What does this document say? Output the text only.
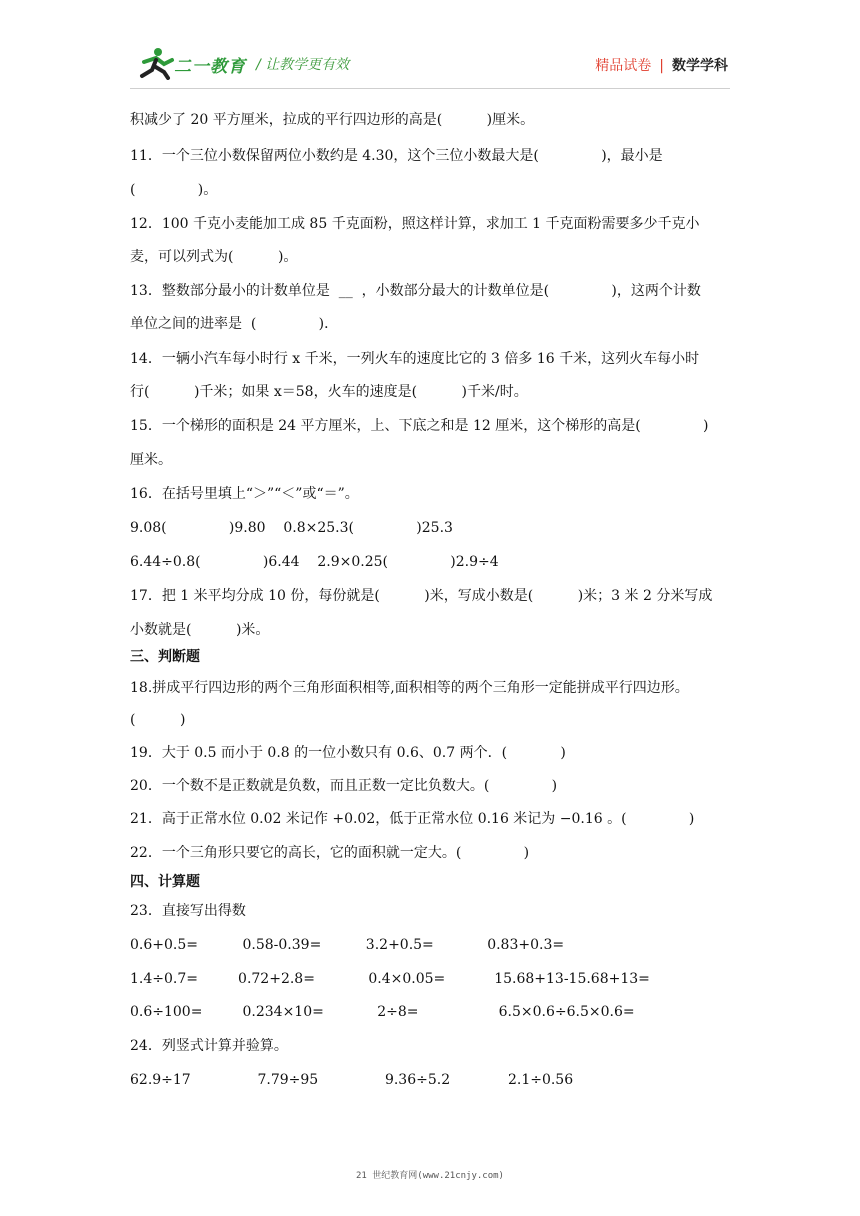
二一教育 / 让教学更有效	精品试卷 | 数学学科
积减少了 20 平方厘米，拉成的平行四边形的高是(          )厘米。
11．一个三位小数保留两位小数约是 4.30，这个三位小数最大是(              )，最小是
(              )。
12．100 千克小麦能加工成 85 千克面粉，照这样计算，求加工 1 千克面粉需要多少千克小
麦，可以列式为(          )。
13．整数部分最小的计数单位是  __  ，小数部分最大的计数单位是(              )，这两个计数
单位之间的进率是  (              )．
14．一辆小汽车每小时行 x 千米，一列火车的速度比它的 3 倍多 16 千米，这列火车每小时
行(          )千米；如果 x＝58，火车的速度是(          )千米/时。
15．一个梯形的面积是 24 平方厘米，上、下底之和是 12 厘米，这个梯形的高是(              )
厘米。
16．在括号里填上“＞”“＜”或“＝”。
9.08(              )9.80    0.8×25.3(              )25.3
6.44÷0.8(              )6.44    2.9×0.25(              )2.9÷4
17．把 1 米平均分成 10 份，每份就是(          )米，写成小数是(          )米；3 米 2 分米写成
小数就是(          )米。
三、判断题
18.拼成平行四边形的两个三角形面积相等,面积相等的两个三角形一定能拼成平行四边形。
(          )
19．大于 0.5 而小于 0.8 的一位小数只有 0.6、0.7 两个．(            )
20．一个数不是正数就是负数，而且正数一定比负数大。(              )
21．高于正常水位 0.02 米记作 +0.02，低于正常水位 0.16 米记为 −0.16 。(              )
22．一个三角形只要它的高长，它的面积就一定大。(              )
四、计算题
23．直接写出得数
0.6+0.5=          0.58-0.39=          3.2+0.5=            0.83+0.3=
1.4÷0.7=         0.72+2.8=            0.4×0.05=           15.68+13-15.68+13=
0.6÷100=         0.234×10=            2÷8=                  6.5×0.6÷6.5×0.6=
24．列竖式计算并验算。
62.9÷17               7.79÷95               9.36÷5.2             2.1÷0.56
21 世纪教育网(www.21cnjy.com)
